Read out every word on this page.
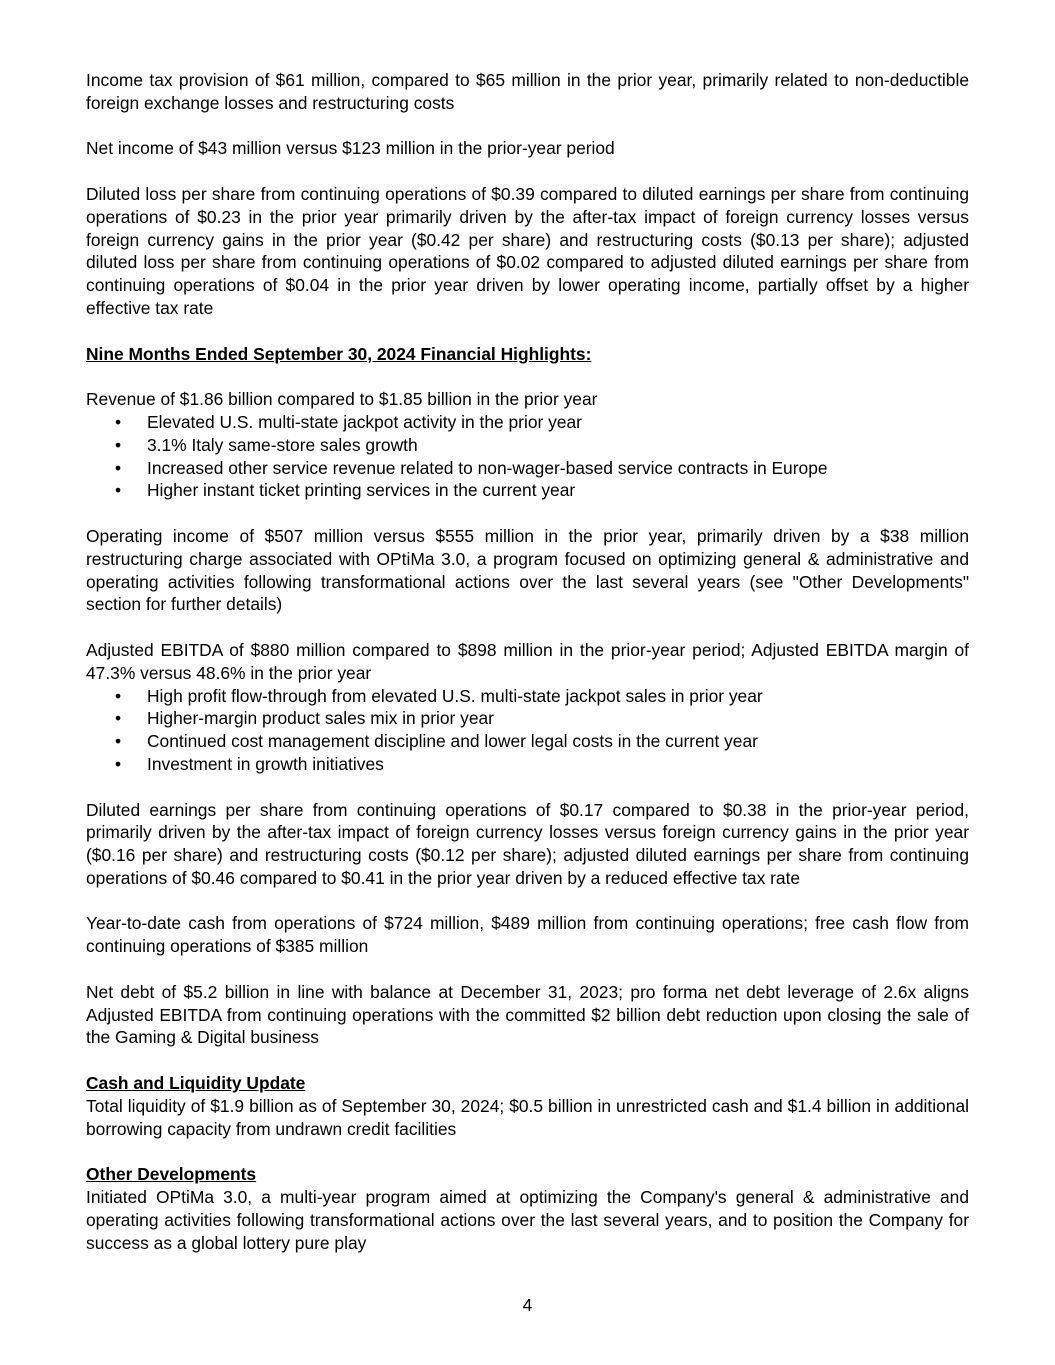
Income tax provision of $61 million, compared to $65 million in the prior year, primarily related to non-deductible foreign exchange losses and restructuring costs

Net income of $43 million versus $123 million in the prior-year period

Diluted loss per share from continuing operations of $0.39 compared to diluted earnings per share from continuing operations of $0.23 in the prior year primarily driven by the after-tax impact of foreign currency losses versus foreign currency gains in the prior year ($0.42 per share) and restructuring costs ($0.13 per share); adjusted diluted loss per share from continuing operations of $0.02 compared to adjusted diluted earnings per share from continuing operations of $0.04 in the prior year driven by lower operating income, partially offset by a higher effective tax rate

Nine Months Ended September 30, 2024 Financial Highlights:

Revenue of $1.86 billion compared to $1.85 billion in the prior year

• Elevated U.S. multi-state jackpot activity in the prior year
• 3.1% Italy same-store sales growth
• Increased other service revenue related to non-wager-based service contracts in Europe
• Higher instant ticket printing services in the current year

Operating income of $507 million versus $555 million in the prior year, primarily driven by a $38 million restructuring charge associated with OPtiMa 3.0, a program focused on optimizing general & administrative and operating activities following transformational actions over the last several years (see "Other Developments" section for further details)

Adjusted EBITDA of $880 million compared to $898 million in the prior-year period; Adjusted EBITDA margin of 47.3% versus 48.6% in the prior year

• High profit flow-through from elevated U.S. multi-state jackpot sales in prior year
• Higher-margin product sales mix in prior year
• Continued cost management discipline and lower legal costs in the current year
• Investment in growth initiatives

Diluted earnings per share from continuing operations of $0.17 compared to $0.38 in the prior-year period, primarily driven by the after-tax impact of foreign currency losses versus foreign currency gains in the prior year ($0.16 per share) and restructuring costs ($0.12 per share); adjusted diluted earnings per share from continuing operations of $0.46 compared to $0.41 in the prior year driven by a reduced effective tax rate

Year-to-date cash from operations of $724 million, $489 million from continuing operations; free cash flow from continuing operations of $385 million

Net debt of $5.2 billion in line with balance at December 31, 2023; pro forma net debt leverage of 2.6x aligns Adjusted EBITDA from continuing operations with the committed $2 billion debt reduction upon closing the sale of the Gaming & Digital business

Cash and Liquidity Update

Total liquidity of $1.9 billion as of September 30, 2024; $0.5 billion in unrestricted cash and $1.4 billion in additional borrowing capacity from undrawn credit facilities

Other Developments

Initiated OPtiMa 3.0, a multi-year program aimed at optimizing the Company's general & administrative and operating activities following transformational actions over the last several years, and to position the Company for success as a global lottery pure play

4
